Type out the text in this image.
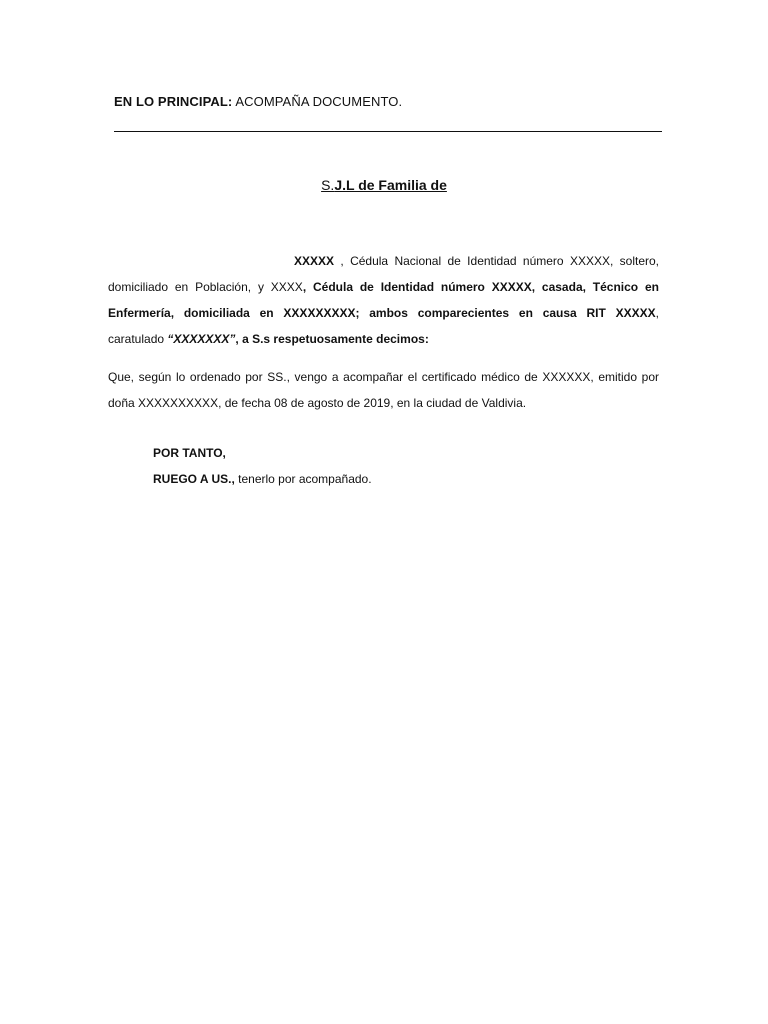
EN LO PRINCIPAL: ACOMPAÑA DOCUMENTO.
S.J.L de Familia de
XXXXX , Cédula Nacional de Identidad número XXXXX, soltero, domiciliado en Población, y XXXX, Cédula de Identidad número XXXXX, casada, Técnico en Enfermería, domiciliada en XXXXXXXXX; ambos comparecientes en causa RIT XXXXX, caratulado “XXXXXXX”, a S.s respetuosamente decimos:
Que, según lo ordenado por SS., vengo a acompañar el certificado médico de XXXXXX, emitido por doña XXXXXXXXXX, de fecha 08 de agosto de 2019, en la ciudad de Valdivia.
POR TANTO,
RUEGO A US., tenerlo por acompañado.
